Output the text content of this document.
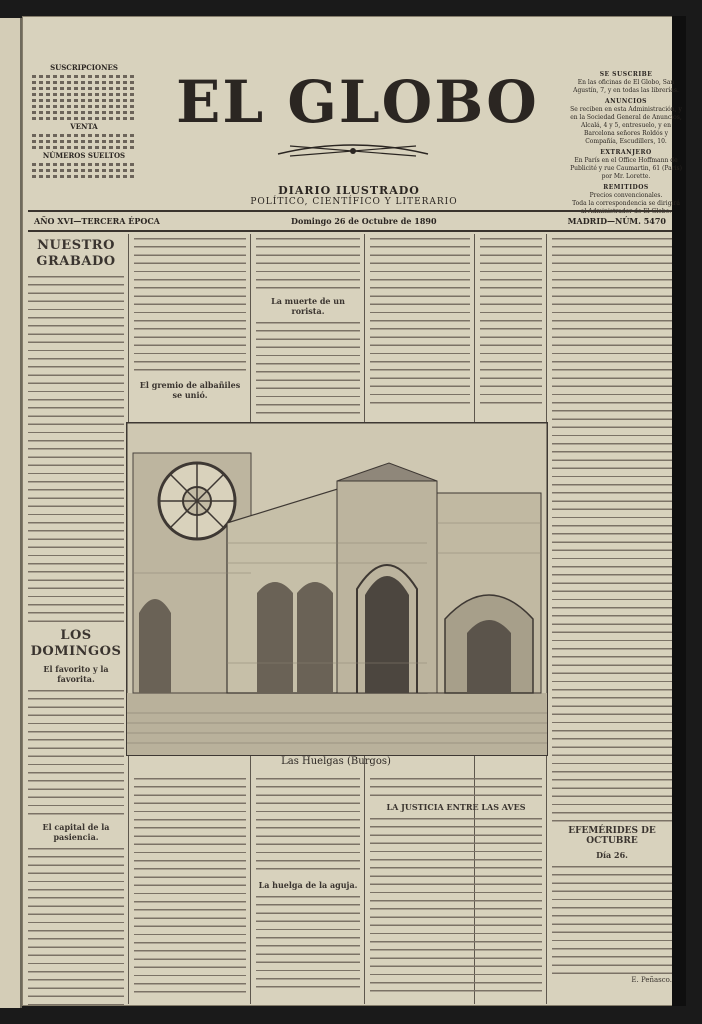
SUSCRIPCIONES
VENTA
NÚMEROS SUELTOS
EL GLOBO
DIARIO ILUSTRADO
POLÍTICO, CIENTÍFICO Y LITERARIO
SE SUSCRIBE
En las oficinas de El Globo, San Agustín, 7, y en todas las librerías.
ANUNCIOS
Se reciben en esta Administración, y en la Sociedad General de Anuncios, Alcalá, 4 y 5, entresuelo, y en Barcelona señores Roldós y Compañía, Escudillers, 10.
EXTRANJERO
En París en el Office Hoffmann de Publicité y rue Caumartin, 61 (Paris) por Mr. Lorette.
REMITIDOS
Precios convencionales.
Toda la correspondencia se dirigirá
AÑO XVI—TERCERA ÉPOCA	Domingo 26 de Octubre de 1890	MADRID—NÚM. 5470
NUESTRO GRABADO
LOS DOMINGOS
El favorito y la favorita.
El capital de la pasiencia.
El gremio de albañiles se unió.
La muerte de un rorista.
EFEMÉRIDES DE OCTUBRE
Día 26.
E. Peñasco.
Las Huelgas (Burgos)
La huelga de la aguja.
LA JUSTICIA ENTRE LAS AVES
